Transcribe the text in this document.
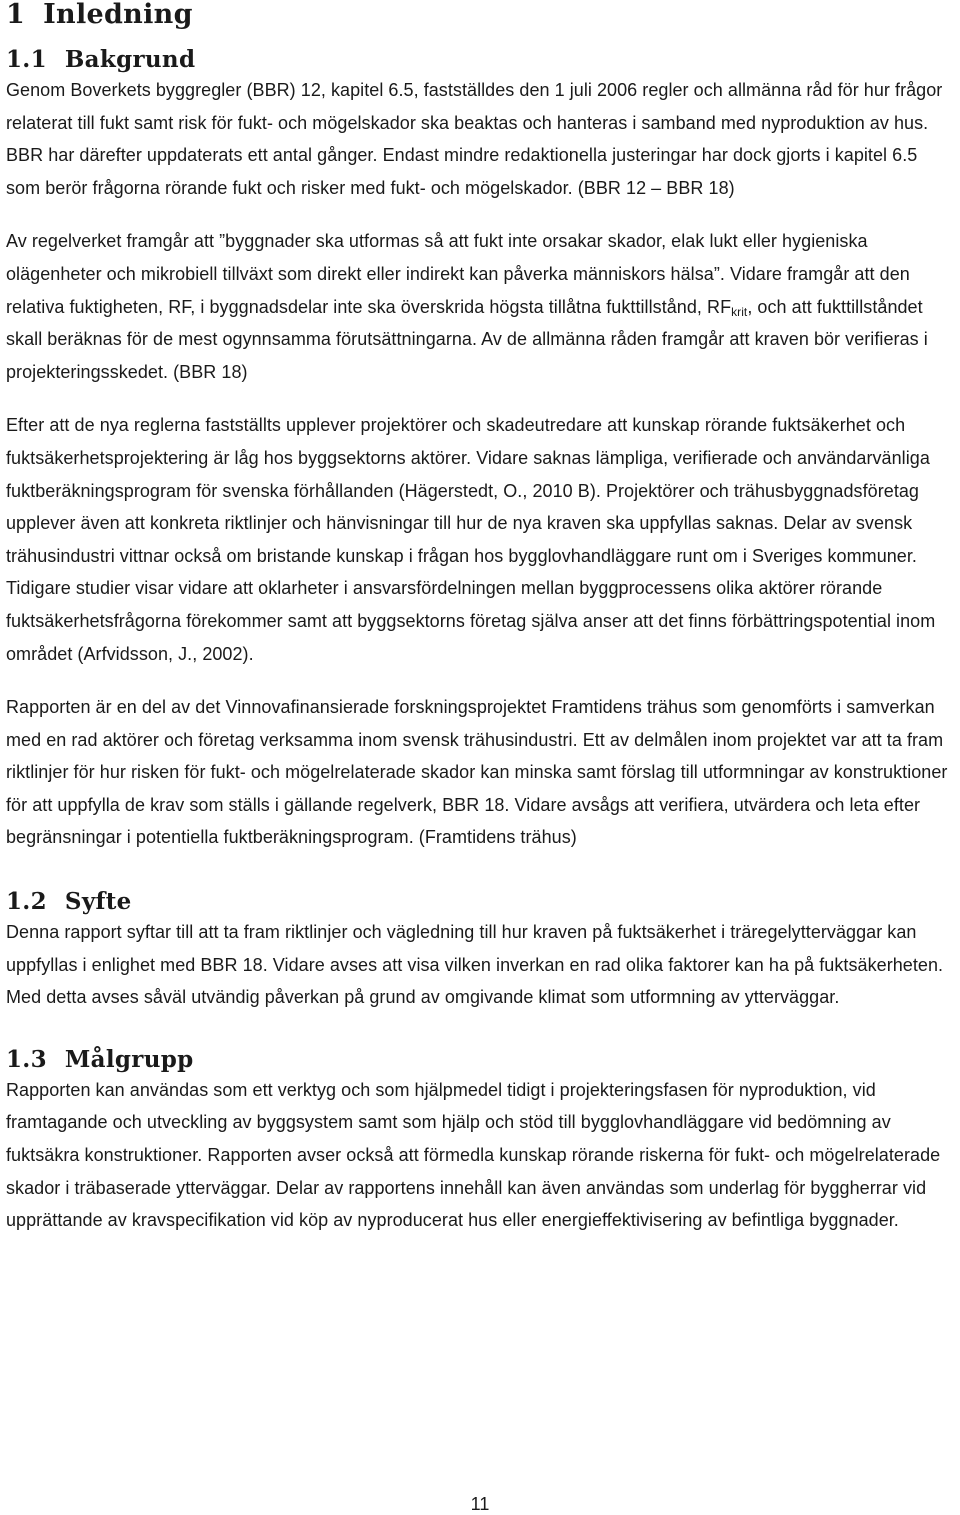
1 Inledning
1.1 Bakgrund

Genom Boverkets byggregler (BBR) 12, kapitel 6.5, fastställdes den 1 juli 2006 regler och allmänna råd för hur frågor relaterat till fukt samt risk för fukt- och mögelskador ska beaktas och hanteras i samband med nyproduktion av hus. BBR har därefter uppdaterats ett antal gånger. Endast mindre redaktionella justeringar har dock gjorts i kapitel 6.5 som berör frågorna rörande fukt och risker med fukt- och mögelskador. (BBR 12 – BBR 18)

Av regelverket framgår att ”byggnader ska utformas så att fukt inte orsakar skador, elak lukt eller hygieniska olägenheter och mikrobiell tillväxt som direkt eller indirekt kan påverka människors hälsa”. Vidare framgår att den relativa fuktigheten, RF, i byggnadsdelar inte ska överskrida högsta tillåtna fukttillstånd, $RF_{krit}$, och att fukttillståndet skall beräknas för de mest ogynnsamma förutsättningarna. Av de allmänna råden framgår att kraven bör verifieras i projekteringsskedet. (BBR 18)

Efter att de nya reglerna fastställts upplever projektörer och skadeutredare att kunskap rörande fuktsäkerhet och fuktsäkerhetsprojektering är låg hos byggsektorns aktörer. Vidare saknas lämpliga, verifierade och användarvänliga fuktberäkningsprogram för svenska förhållanden (Hägerstedt, O., 2010 B). Projektörer och trähusbyggnadsföretag upplever även att konkreta riktlinjer och hänvisningar till hur de nya kraven ska uppfyllas saknas. Delar av svensk trähusindustri vittnar också om bristande kunskap i frågan hos bygglovhandläggare runt om i Sveriges kommuner. Tidigare studier visar vidare att oklarheter i ansvarsfördelningen mellan byggprocessens olika aktörer rörande fuktsäkerhetsfrågorna förekommer samt att byggsektorns företag själva anser att det finns förbättringspotential inom området (Arfvidsson, J., 2002).

Rapporten är en del av det Vinnovafinansierade forskningsprojektet Framtidens trähus som genomförts i samverkan med en rad aktörer och företag verksamma inom svensk trähusindustri. Ett av delmålen inom projektet var att ta fram riktlinjer för hur risken för fukt- och mögelrelaterade skador kan minska samt förslag till utformningar av konstruktioner för att uppfylla de krav som ställs i gällande regelverk, BBR 18. Vidare avsågs att verifiera, utvärdera och leta efter begränsningar i potentiella fuktberäkningsprogram. (Framtidens trähus)

1.2 Syfte

Denna rapport syftar till att ta fram riktlinjer och vägledning till hur kraven på fuktsäkerhet i träregelytterväggar kan uppfyllas i enlighet med BBR 18. Vidare avses att visa vilken inverkan en rad olika faktorer kan ha på fuktsäkerheten. Med detta avses såväl utvändig påverkan på grund av omgivande klimat som utformning av ytterväggar.

1.3 Målgrupp

Rapporten kan användas som ett verktyg och som hjälpmedel tidigt i projekteringsfasen för nyproduktion, vid framtagande och utveckling av byggsystem samt som hjälp och stöd till bygglovhandläggare vid bedömning av fuktsäkra konstruktioner. Rapporten avser också att förmedla kunskap rörande riskerna för fukt- och mögelrelaterade skador i träbaserade ytterväggar. Delar av rapportens innehåll kan även användas som underlag för byggherrar vid upprättande av kravspecifikation vid köp av nyproducerat hus eller energieffektivisering av befintliga byggnader.

11
